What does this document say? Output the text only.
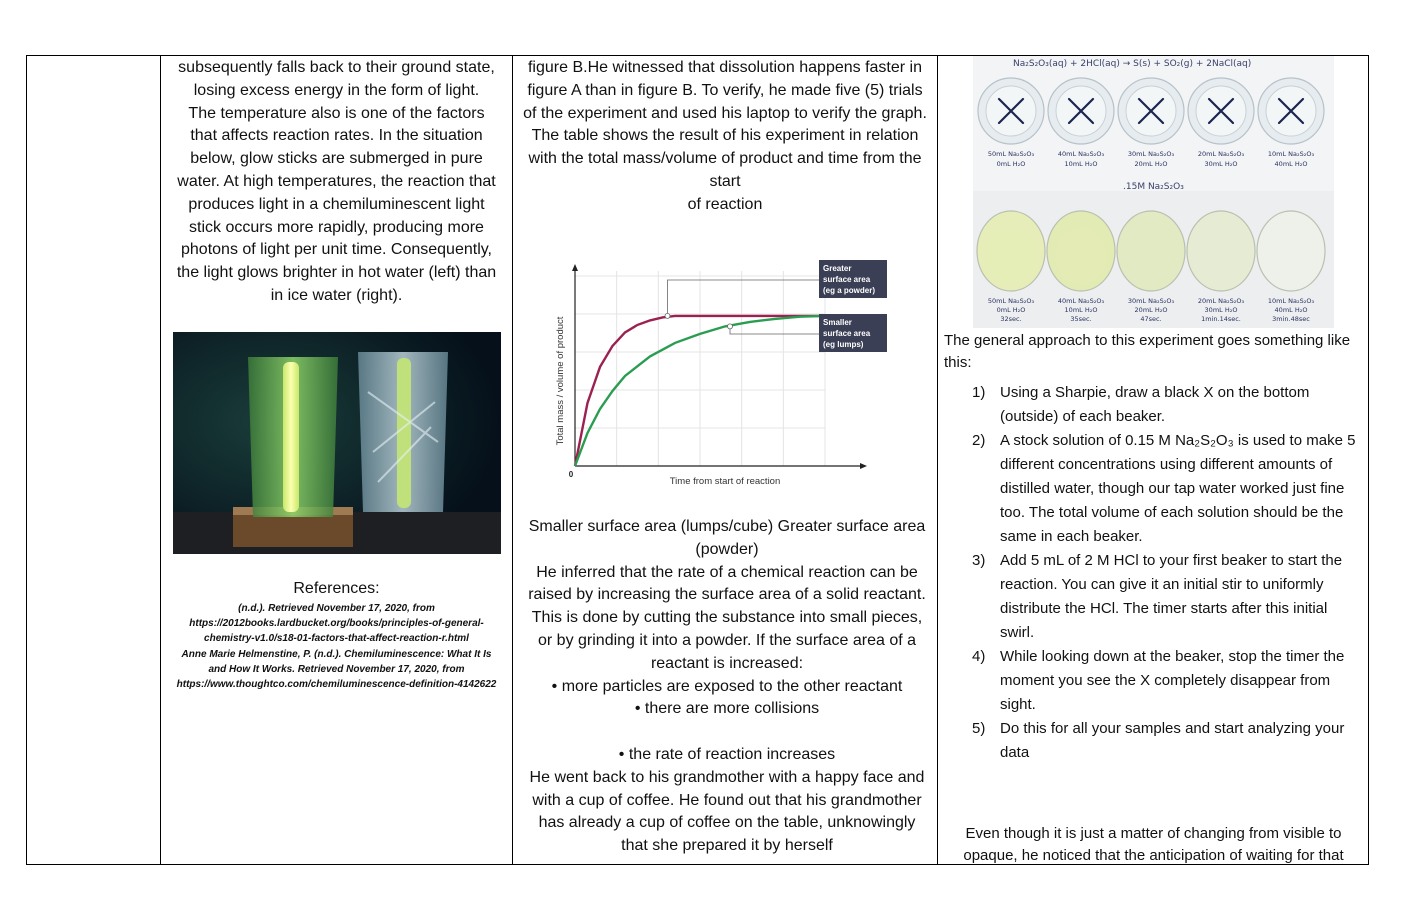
subsequently falls back to their ground state, losing excess energy in the form of light.

The temperature also is one of the factors that affects reaction rates. In the situation below, glow sticks are submerged in pure water. At high temperatures, the reaction that produces light in a chemiluminescent light stick occurs more rapidly, producing more photons of light per unit time. Consequently, the light glows brighter in hot water (left) than in ice water (right).

References:

(n.d.). Retrieved November 17, 2020, from https://2012books.lardbucket.org/books/principles-of-general-chemistry-v1.0/s18-01-factors-that-affect-reaction-r.html

Anne Marie Helmenstine, P. (n.d.). Chemiluminescence: What It Is and How It Works. Retrieved November 17, 2020, from https://www.thoughtco.com/chemiluminescence-definition-4142622

figure B.He witnessed that dissolution happens faster in figure A than in figure B. To verify, he made five (5) trials of the experiment and used his laptop to verify the graph. The table shows the result of his experiment in relation with the total mass/volume of product and time from the start

of reaction

0
Time from start of reaction
Total mass / volume of product
Greater
surface area
(eg a powder)
Smaller
surface area
(eg lumps)

Smaller surface area (lumps/cube) Greater surface area (powder)

He inferred that the rate of a chemical reaction can be raised by increasing the surface area of a solid reactant. This is done by cutting the substance into small pieces, or by grinding it into a powder. If the surface area of a reactant is increased:

• more particles are exposed to the other reactant

• there are more collisions

• the rate of reaction increases

He went back to his grandmother with a happy face and with a cup of coffee. He found out that his grandmother has already a cup of coffee on the table, unknowingly that she prepared it by herself

Na₂S₂O₃(aq) + 2HCl(aq) → S(s) + SO₂(g) + 2NaCl(aq)
50mL Na₂S₂O₃
0mL H₂O
40mL Na₂S₂O₃
10mL H₂O
30mL Na₂S₂O₃
20mL H₂O
20mL Na₂S₂O₃
30mL H₂O
10mL Na₂S₂O₃
40mL H₂O
.15M Na₂S₂O₃
50mL Na₂S₂O₃
0mL H₂O
32sec.
40mL Na₂S₂O₃
10mL H₂O
35sec.
30mL Na₂S₂O₃
20mL H₂O
47sec.
20mL Na₂S₂O₃
30mL H₂O
1min.14sec.
10mL Na₂S₂O₃
40mL H₂O
3min.48sec
The general approach to this experiment goes something like this:
1) Using a Sharpie, draw a black X on the bottom (outside) of each beaker.
2) A stock solution of 0.15 M Na₂S₂O₃ is used to make 5 different concentrations using different amounts of distilled water, though our tap water worked just fine too. The total volume of each solution should be the same in each beaker.
3) Add 5 mL of 2 M HCl to your first beaker to start the reaction. You can give it an initial stir to uniformly distribute the HCl. The timer starts after this initial swirl.
4) While looking down at the beaker, stop the timer the moment you see the X completely disappear from sight.
5) Do this for all your samples and start analyzing your data
Even though it is just a matter of changing from visible to opaque, he noticed that the anticipation of waiting for that
